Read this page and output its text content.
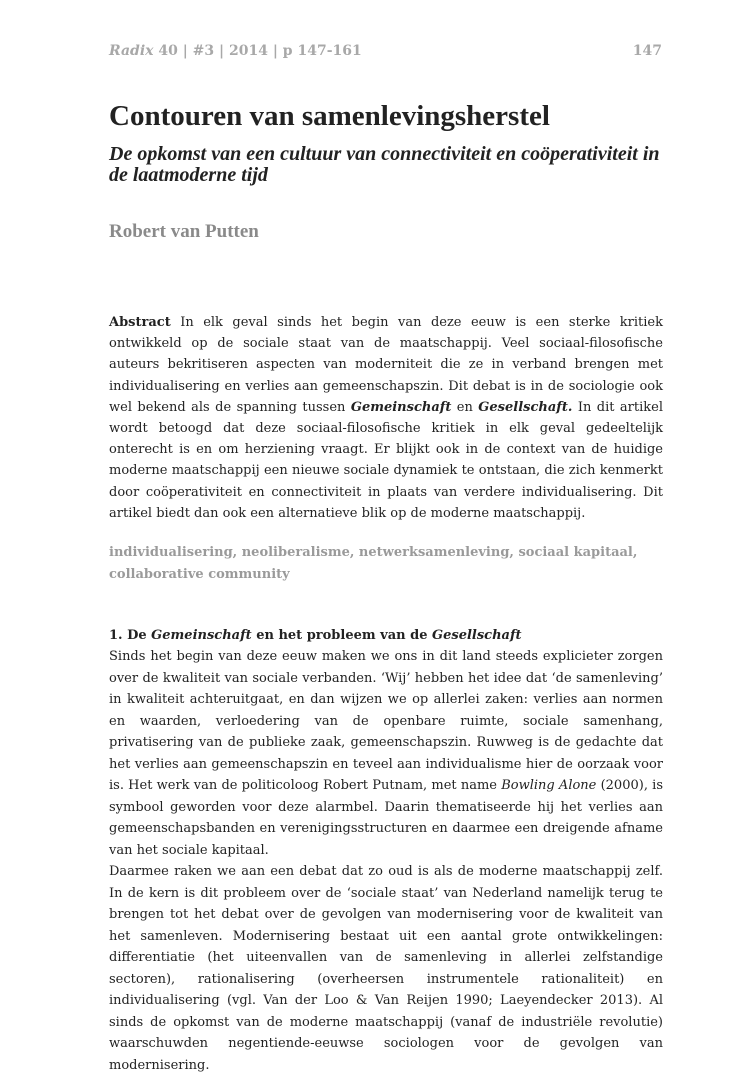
Radix 40 | #3 | 2014 | p 147-161	147
Contouren van samenlevingsherstel
De opkomst van een cultuur van connectiviteit en coöperativiteit in de laatmoderne tijd

Robert van Putten

Abstract In elk geval sinds het begin van deze eeuw is een sterke kritiek ontwikkeld op de sociale staat van de maatschappij. Veel sociaal-filosofische auteurs bekritiseren aspecten van moderniteit die ze in verband brengen met individualisering en verlies aan gemeenschapszin. Dit debat is in de sociologie ook wel bekend als de spanning tussen Gemeinschaft en Gesellschaft. In dit artikel wordt betoogd dat deze sociaal-filosofische kritiek in elk geval gedeeltelijk onterecht is en om herziening vraagt. Er blijkt ook in de context van de huidige moderne maatschappij een nieuwe sociale dynamiek te ontstaan, die zich kenmerkt door coöperativiteit en connectiviteit in plaats van verdere individualisering. Dit artikel biedt dan ook een alternatieve blik op de moderne maatschappij.

individualisering, neoliberalisme, netwerksamenleving, sociaal kapitaal, collaborative community

1. De Gemeinschaft en het probleem van de Gesellschaft

Sinds het begin van deze eeuw maken we ons in dit land steeds explicieter zorgen over de kwaliteit van sociale verbanden. ‘Wij’ hebben het idee dat ‘de samenleving’ in kwaliteit achteruitgaat, en dan wijzen we op allerlei zaken: verlies aan normen en waarden, verloedering van de openbare ruimte, sociale samenhang, privatisering van de publieke zaak, gemeenschapszin. Ruwweg is de gedachte dat het verlies aan gemeenschapszin en teveel aan individualisme hier de oorzaak voor is. Het werk van de politicoloog Robert Putnam, met name Bowling Alone (2000), is symbool geworden voor deze alarmbel. Daarin thematiseerde hij het verlies aan gemeenschapsbanden en verenigingsstructuren en daarmee een dreigende afname van het sociale kapitaal.

Daarmee raken we aan een debat dat zo oud is als de moderne maatschappij zelf. In de kern is dit probleem over de ‘sociale staat’ van Nederland namelijk terug te brengen tot het debat over de gevolgen van modernisering voor de kwaliteit van het samenleven. Modernisering bestaat uit een aantal grote ontwikkelingen: differentiatie (het uiteenvallen van de samenleving in allerlei zelfstandige sectoren), rationalisering (overheersen instrumentele rationaliteit) en individualisering (vgl. Van der Loo & Van Reijen 1990; Laeyendecker 2013). Al sinds de opkomst van de moderne maatschappij (vanaf de industriële revolutie) waarschuwden negentiende-eeuwse sociologen voor de gevolgen van modernisering.
